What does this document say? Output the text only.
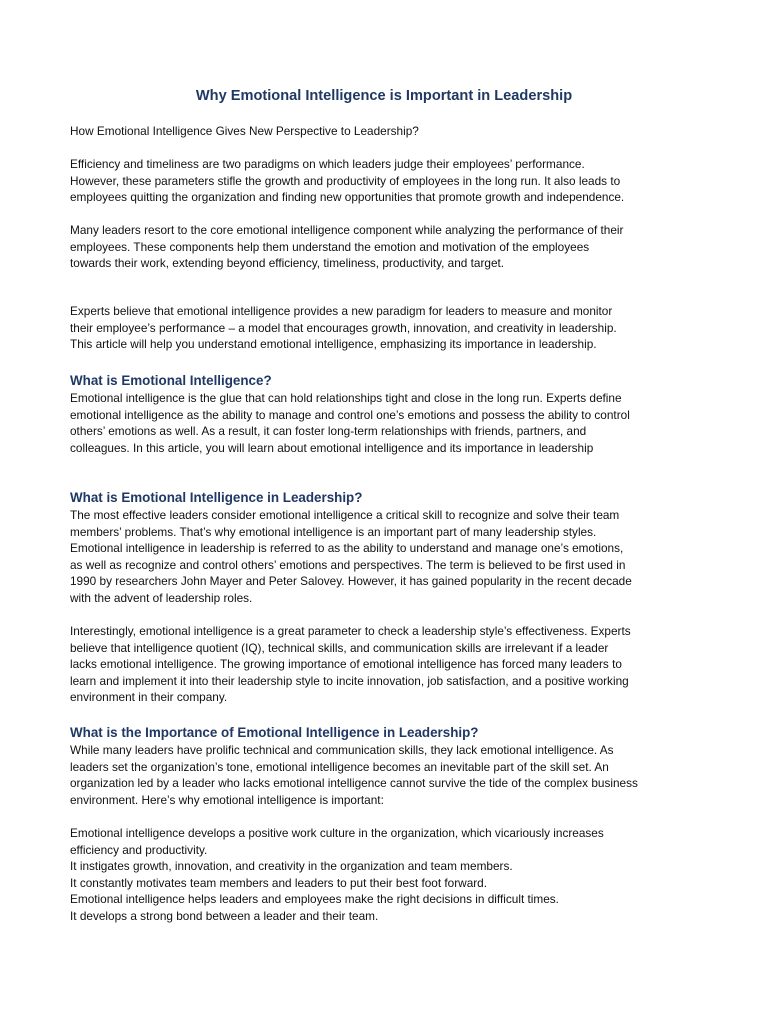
Why Emotional Intelligence is Important in Leadership
How Emotional Intelligence Gives New Perspective to Leadership?
Efficiency and timeliness are two paradigms on which leaders judge their employees’ performance.
However, these parameters stifle the growth and productivity of employees in the long run. It also leads to
employees quitting the organization and finding new opportunities that promote growth and independence.
Many leaders resort to the core emotional intelligence component while analyzing the performance of their
employees. These components help them understand the emotion and motivation of the employees
towards their work, extending beyond efficiency, timeliness, productivity, and target.
Experts believe that emotional intelligence provides a new paradigm for leaders to measure and monitor
their employee’s performance – a model that encourages growth, innovation, and creativity in leadership.
This article will help you understand emotional intelligence, emphasizing its importance in leadership.
What is Emotional Intelligence?
Emotional intelligence is the glue that can hold relationships tight and close in the long run. Experts define
emotional intelligence as the ability to manage and control one’s emotions and possess the ability to control
others’ emotions as well. As a result, it can foster long-term relationships with friends, partners, and
colleagues. In this article, you will learn about emotional intelligence and its importance in leadership
What is Emotional Intelligence in Leadership?
The most effective leaders consider emotional intelligence a critical skill to recognize and solve their team
members’ problems. That’s why emotional intelligence is an important part of many leadership styles.
Emotional intelligence in leadership is referred to as the ability to understand and manage one’s emotions,
as well as recognize and control others’ emotions and perspectives. The term is believed to be first used in
1990 by researchers John Mayer and Peter Salovey. However, it has gained popularity in the recent decade
with the advent of leadership roles.
Interestingly, emotional intelligence is a great parameter to check a leadership style’s effectiveness. Experts
believe that intelligence quotient (IQ), technical skills, and communication skills are irrelevant if a leader
lacks emotional intelligence. The growing importance of emotional intelligence has forced many leaders to
learn and implement it into their leadership style to incite innovation, job satisfaction, and a positive working
environment in their company.
What is the Importance of Emotional Intelligence in Leadership?
While many leaders have prolific technical and communication skills, they lack emotional intelligence. As
leaders set the organization’s tone, emotional intelligence becomes an inevitable part of the skill set. An
organization led by a leader who lacks emotional intelligence cannot survive the tide of the complex business
environment. Here’s why emotional intelligence is important:
Emotional intelligence develops a positive work culture in the organization, which vicariously increases
efficiency and productivity.
It instigates growth, innovation, and creativity in the organization and team members.
It constantly motivates team members and leaders to put their best foot forward.
Emotional intelligence helps leaders and employees make the right decisions in difficult times.
It develops a strong bond between a leader and their team.
